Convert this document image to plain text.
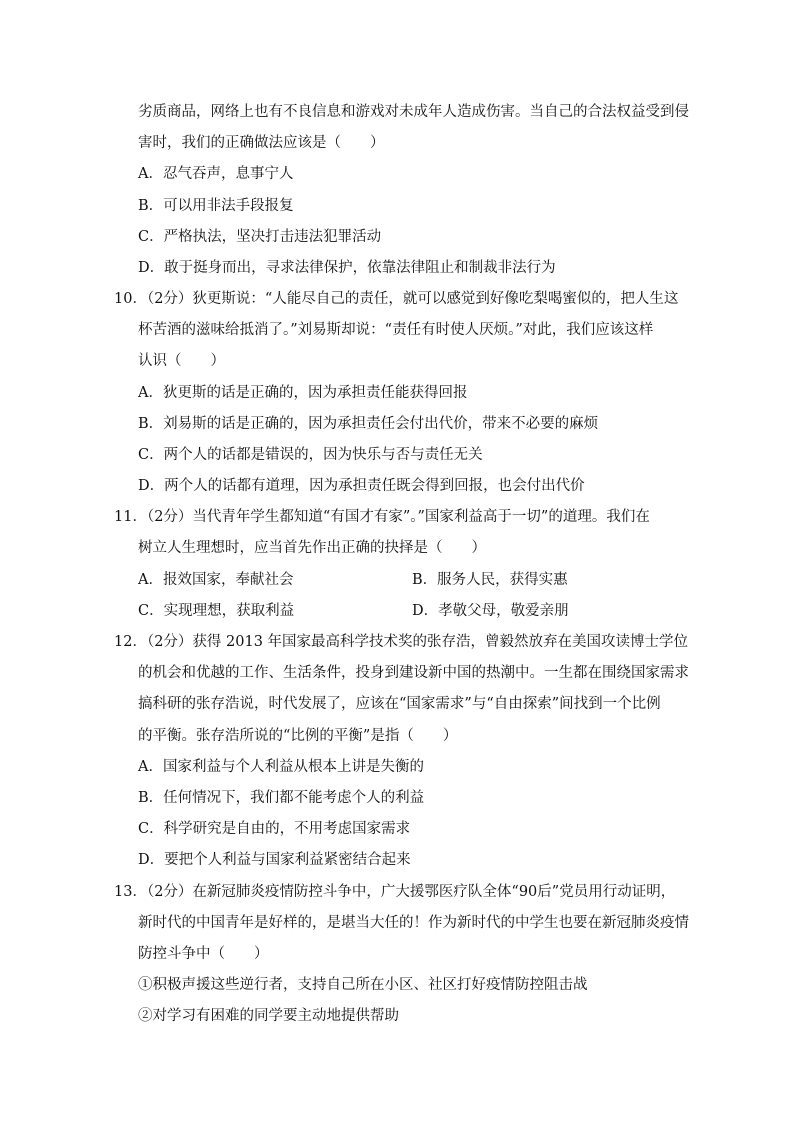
劣质商品，网络上也有不良信息和游戏对未成年人造成伤害。当自己的合法权益受到侵
害时，我们的正确做法应该是（　　）
A．忍气吞声，息事宁人
B．可以用非法手段报复
C．严格执法，坚决打击违法犯罪活动
D．敢于挺身而出，寻求法律保护，依靠法律阻止和制裁非法行为
10．（2分）狄更斯说：“人能尽自己的责任，就可以感觉到好像吃梨喝蜜似的，把人生这
杯苦酒的滋味给抵消了。”刘易斯却说：“责任有时使人厌烦。”对此，我们应该这样
认识（　　）
A．狄更斯的话是正确的，因为承担责任能获得回报
B．刘易斯的话是正确的，因为承担责任会付出代价，带来不必要的麻烦
C．两个人的话都是错误的，因为快乐与否与责任无关
D．两个人的话都有道理，因为承担责任既会得到回报，也会付出代价
11．（2分）当代青年学生都知道“有国才有家”。”国家利益高于一切”的道理。我们在
树立人生理想时，应当首先作出正确的抉择是（　　）
A．报效国家，奉献社会	B．服务人民，获得实惠
C．实现理想，获取利益	D．孝敬父母，敬爱亲朋
12．（2分）获得 2013 年国家最高科学技术奖的张存浩，曾毅然放弃在美国攻读博士学位
的机会和优越的工作、生活条件，投身到建设新中国的热潮中。一生都在围绕国家需求
搞科研的张存浩说，时代发展了，应该在“国家需求”与“自由探索”间找到一个比例
的平衡。张存浩所说的“比例的平衡”是指（　　）
A．国家利益与个人利益从根本上讲是失衡的
B．任何情况下，我们都不能考虑个人的利益
C．科学研究是自由的，不用考虑国家需求
D．要把个人利益与国家利益紧密结合起来
13．（2分）在新冠肺炎疫情防控斗争中，广大援鄂医疗队全体“90后”党员用行动证明，
新时代的中国青年是好样的，是堪当大任的！作为新时代的中学生也要在新冠肺炎疫情
防控斗争中（　　）
①积极声援这些逆行者，支持自己所在小区、社区打好疫情防控阻击战
②对学习有困难的同学要主动地提供帮助
